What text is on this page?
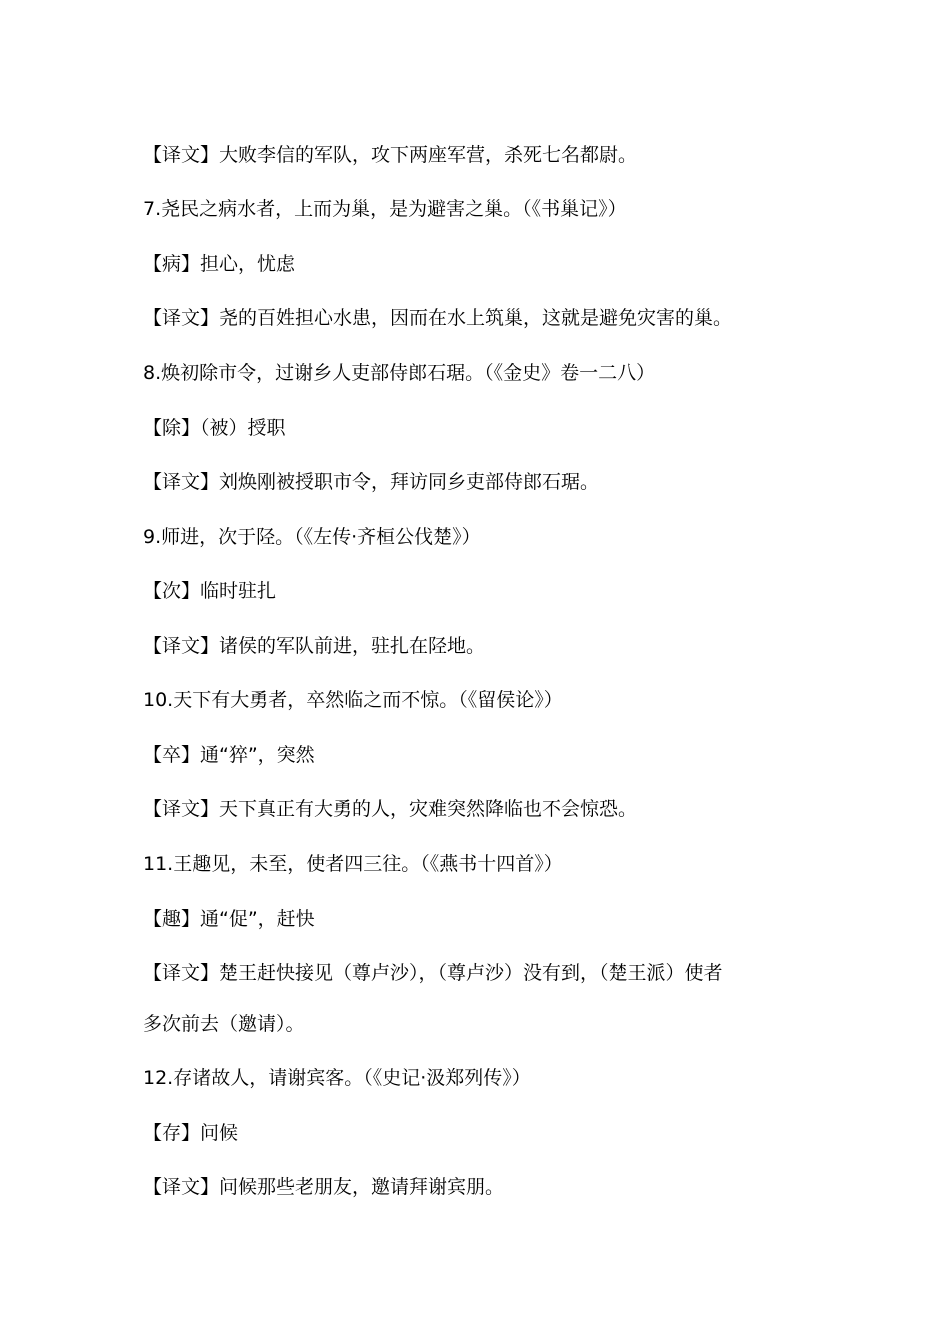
【译文】大败李信的军队，攻下两座军营，杀死七名都尉。
7.尧民之病水者，上而为巢，是为避害之巢。（《书巢记》）
【病】担心，忧虑
【译文】尧的百姓担心水患，因而在水上筑巢，这就是避免灾害的巢。
8.焕初除市令，过谢乡人吏部侍郎石琚。（《金史》卷一二八）
【除】（被）授职
【译文】刘焕刚被授职市令，拜访同乡吏部侍郎石琚。
9.师进，次于陉。（《左传·齐桓公伐楚》）
【次】临时驻扎
【译文】诸侯的军队前进，驻扎在陉地。
10.天下有大勇者，卒然临之而不惊。（《留侯论》）
【卒】通“猝”，突然
【译文】天下真正有大勇的人，灾难突然降临也不会惊恐。
11.王趣见，未至，使者四三往。（《燕书十四首》）
【趣】通“促”，赶快
【译文】楚王赶快接见（尊卢沙），（尊卢沙）没有到，（楚王派）使者
多次前去（邀请）。
12.存诸故人，请谢宾客。（《史记·汲郑列传》）
【存】问候
【译文】问候那些老朋友，邀请拜谢宾朋。
